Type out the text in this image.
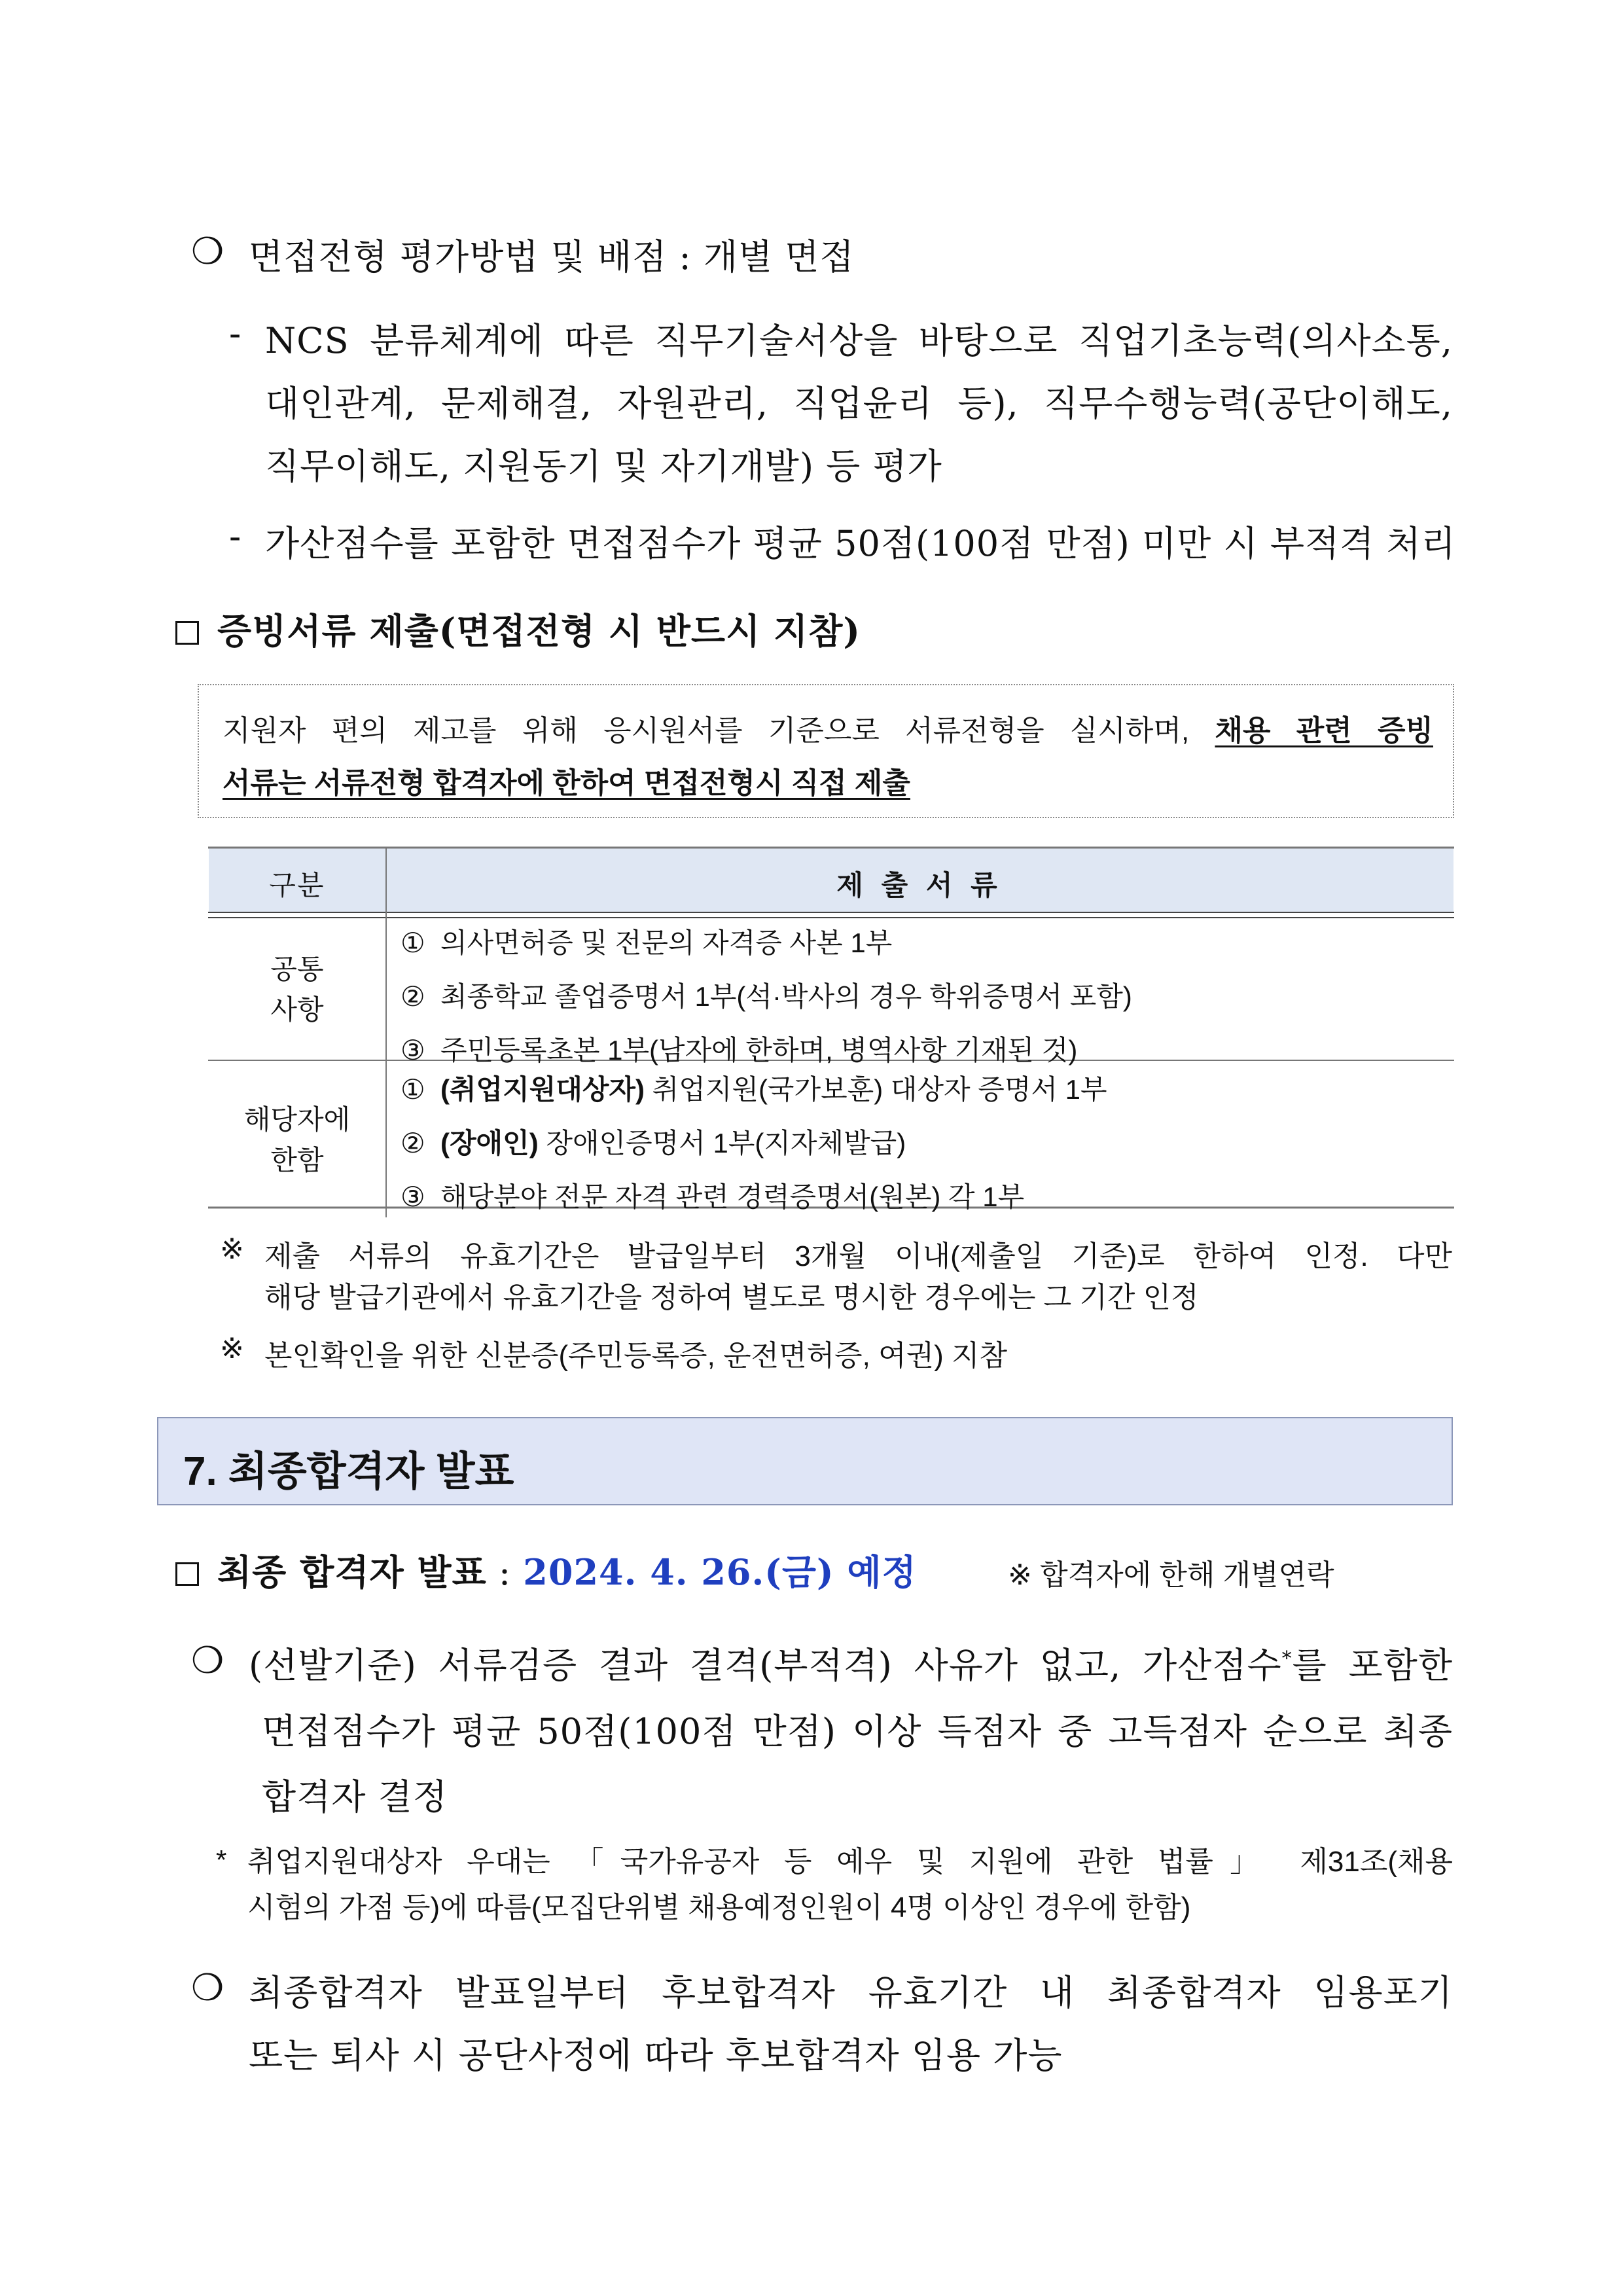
❍ 면접전형 평가방법 및 배점 : 개별 면접
- NCS 분류체계에 따른 직무기술서상을 바탕으로 직업기초능력(의사소통,
대인관계, 문제해결, 자원관리, 직업윤리 등), 직무수행능력(공단이해도,
직무이해도, 지원동기 및 자기개발) 등 평가
- 가산점수를 포함한 면접점수가 평균 50점(100점 만점) 미만 시 부적격 처리
증빙서류 제출(면접전형 시 반드시 지참)
지원자 편의 제고를 위해 응시원서를 기준으로 서류전형을 실시하며, 채용 관련 증빙
서류는 서류전형 합격자에 한하여 면접전형시 직접 제출
구분	제 출 서 류
공통
사항
① 의사면허증 및 전문의 자격증 사본 1부
② 최종학교 졸업증명서 1부(석·박사의 경우 학위증명서 포함)
③ 주민등록초본 1부(남자에 한하며, 병역사항 기재된 것)
해당자에
한함
① (취업지원대상자) 취업지원(국가보훈) 대상자 증명서 1부
② (장애인) 장애인증명서 1부(지자체발급)
③ 해당분야 전문 자격 관련 경력증명서(원본) 각 1부
※ 제출 서류의 유효기간은 발급일부터 3개월 이내(제출일 기준)로 한하여 인정. 다만
해당 발급기관에서 유효기간을 정하여 별도로 명시한 경우에는 그 기간 인정
※ 본인확인을 위한 신분증(주민등록증, 운전면허증, 여권) 지참
7. 최종합격자 발표
최종 합격자 발표 : 2024. 4. 26.(금) 예정	※ 합격자에 한해 개별연락
❍ (선발기준) 서류검증 결과 결격(부적격) 사유가 없고, 가산점수*를 포함한
면접점수가 평균 50점(100점 만점) 이상 득점자 중 고득점자 순으로 최종
합격자 결정
* 취업지원대상자 우대는 「국가유공자 등 예우 및 지원에 관한 법률」 제31조(채용
시험의 가점 등)에 따름(모집단위별 채용예정인원이 4명 이상인 경우에 한함)
❍ 최종합격자 발표일부터 후보합격자 유효기간 내 최종합격자 임용포기
또는 퇴사 시 공단사정에 따라 후보합격자 임용 가능
